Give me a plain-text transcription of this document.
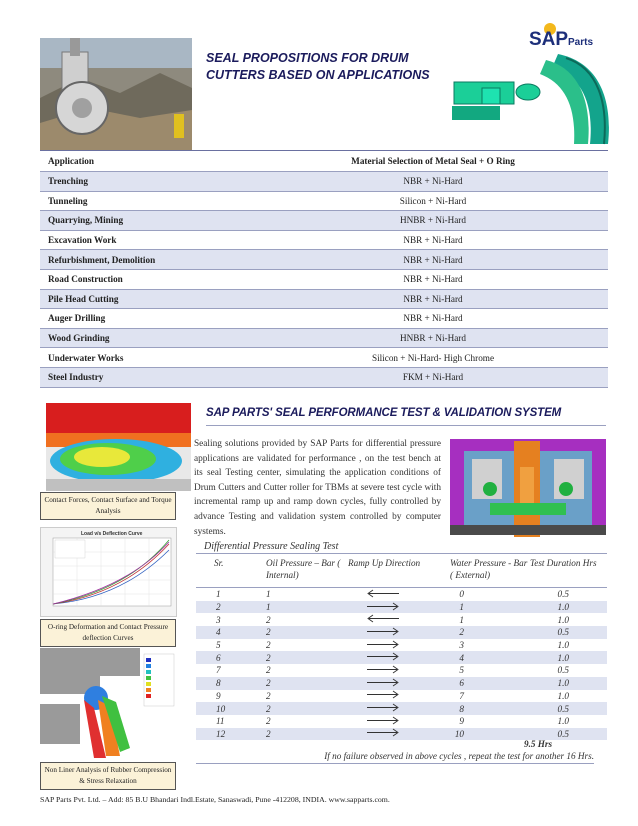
SAP Parts
SEAL PROPOSITIONS FOR DRUM CUTTERS BASED ON APPLICATIONS
Application	Material Selection of Metal Seal + O Ring
Trenching	NBR + Ni-Hard
Tunneling	Silicon + Ni-Hard
Quarrying, Mining	HNBR + Ni-Hard
Excavation Work	NBR + Ni-Hard
Refurbishment, Demolition	NBR + Ni-Hard
Road Construction	NBR + Ni-Hard
Pile Head Cutting	NBR + Ni-Hard
Auger Drilling	NBR + Ni-Hard
Wood Grinding	HNBR + Ni-Hard
Underwater Works	Silicon + Ni-Hard- High Chrome
Steel Industry	FKM + Ni-Hard
Contact Forces, Contact Surface and Torque Analysis
Load v/s Deflection Curve
O-ring Deformation and Contact Pressure deflection Curves
Non Liner Analysis of Rubber Compression & Stress Relaxation
SAP PARTS' SEAL PERFORMANCE TEST & VALIDATION SYSTEM
Sealing solutions provided by SAP Parts for differential pressure applications are validated for performance , on the test bench at its seal Testing center, simulating the application conditions of Drum Cutters and Cutter roller for TBMs at severe test cycle with incremental ramp up and ramp down cycles, fully controlled by advance Testing and validation system controlled by computer systems.
Differential Pressure Sealing Test
Sr.	Oil Pressure – Bar ( Internal)	Ramp Up Direction	Water Pressure - Bar ( External)	Test Duration Hrs
1	1		0	0.5
2	1		1	1.0
3	2		1	1.0
4	2		2	0.5
5	2		3	1.0
6	2		4	1.0
7	2		5	0.5
8	2		6	1.0
9	2		7	1.0
10	2		8	0.5
11	2		9	1.0
12	2		10	0.5
9.5 Hrs
If no failure observed in above cycles , repeat the test for another 16 Hrs.
SAP Parts Pvt. Ltd. – Add: 85 B.U Bhandari Indl.Estate, Sanaswadi, Pune -412208, INDIA. www.sapparts.com.
